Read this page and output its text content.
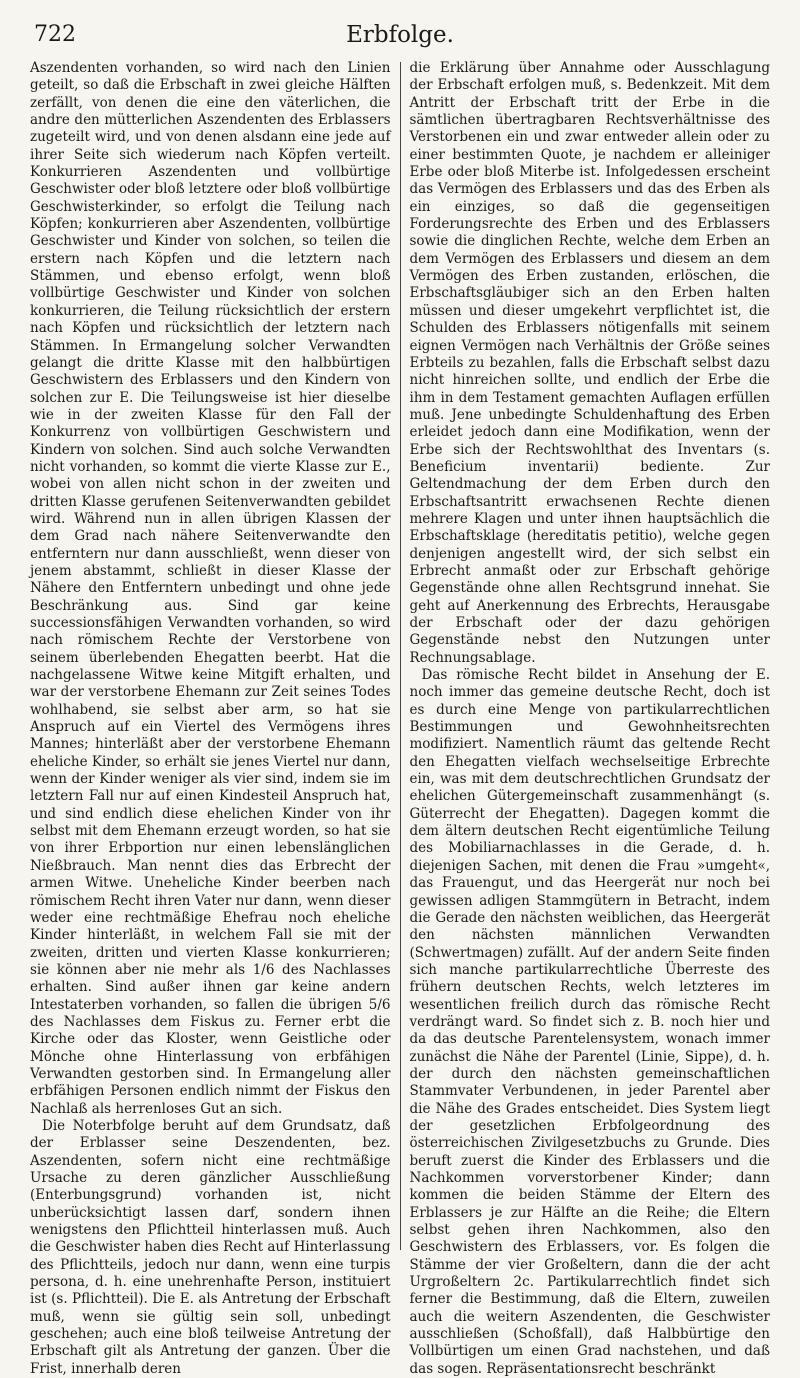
722	Erbfolge.

Aszendenten vorhanden, so wird nach den Linien geteilt, so daß die Erbschaft in zwei gleiche Hälften zerfällt, von denen die eine den väterlichen, die andre den mütterlichen Aszendenten des Erblassers zugeteilt wird, und von denen alsdann eine jede auf ihrer Seite sich wiederum nach Köpfen verteilt. Konkurrieren Aszendenten und vollbürtige Geschwister oder bloß letztere oder bloß vollbürtige Geschwisterkinder, so erfolgt die Teilung nach Köpfen; konkurrieren aber Aszendenten, vollbürtige Geschwister und Kinder von solchen, so teilen die erstern nach Köpfen und die letztern nach Stämmen, und ebenso erfolgt, wenn bloß vollbürtige Geschwister und Kinder von solchen konkurrieren, die Teilung rücksichtlich der erstern nach Köpfen und rücksichtlich der letztern nach Stämmen. In Ermangelung solcher Verwandten gelangt die dritte Klasse mit den halbbürtigen Geschwistern des Erblassers und den Kindern von solchen zur E. Die Teilungsweise ist hier dieselbe wie in der zweiten Klasse für den Fall der Konkurrenz von vollbürtigen Geschwistern und Kindern von solchen. Sind auch solche Verwandten nicht vorhanden, so kommt die vierte Klasse zur E., wobei von allen nicht schon in der zweiten und dritten Klasse gerufenen Seitenverwandten gebildet wird. Während nun in allen übrigen Klassen der dem Grad nach nähere Seitenverwandte den entferntern nur dann ausschließt, wenn dieser von jenem abstammt, schließt in dieser Klasse der Nähere den Entferntern unbedingt und ohne jede Beschränkung aus. Sind gar keine successionsfähigen Verwandten vorhanden, so wird nach römischem Rechte der Verstorbene von seinem überlebenden Ehegatten beerbt. Hat die nachgelassene Witwe keine Mitgift erhalten, und war der verstorbene Ehemann zur Zeit seines Todes wohlhabend, sie selbst aber arm, so hat sie Anspruch auf ein Viertel des Vermögens ihres Mannes; hinterläßt aber der verstorbene Ehemann eheliche Kinder, so erhält sie jenes Viertel nur dann, wenn der Kinder weniger als vier sind, indem sie im letztern Fall nur auf einen Kindesteil Anspruch hat, und sind endlich diese ehelichen Kinder von ihr selbst mit dem Ehemann erzeugt worden, so hat sie von ihrer Erbportion nur einen lebenslänglichen Nießbrauch. Man nennt dies das Erbrecht der armen Witwe. Uneheliche Kinder beerben nach römischem Recht ihren Vater nur dann, wenn dieser weder eine rechtmäßige Ehefrau noch eheliche Kinder hinterläßt, in welchem Fall sie mit der zweiten, dritten und vierten Klasse konkurrieren; sie können aber nie mehr als 1/6 des Nachlasses erhalten. Sind außer ihnen gar keine andern Intestaterben vorhanden, so fallen die übrigen 5/6 des Nachlasses dem Fiskus zu. Ferner erbt die Kirche oder das Kloster, wenn Geistliche oder Mönche ohne Hinterlassung von erbfähigen Verwandten gestorben sind. In Ermangelung aller erbfähigen Personen endlich nimmt der Fiskus den Nachlaß als herrenloses Gut an sich.

Die Noterbfolge beruht auf dem Grundsatz, daß der Erblasser seine Deszendenten, bez. Aszendenten, sofern nicht eine rechtmäßige Ursache zu deren gänzlicher Ausschließung (Enterbungsgrund) vorhanden ist, nicht unberücksichtigt lassen darf, sondern ihnen wenigstens den Pflichtteil hinterlassen muß. Auch die Geschwister haben dies Recht auf Hinterlassung des Pflichtteils, jedoch nur dann, wenn eine turpis persona, d. h. eine unehrenhafte Person, instituiert ist (s. Pflichtteil). Die E. als Antretung der Erbschaft muß, wenn sie gültig sein soll, unbedingt geschehen; auch eine bloß teilweise Antretung der Erbschaft gilt als Antretung der ganzen. Über die Frist, innerhalb deren

die Erklärung über Annahme oder Ausschlagung der Erbschaft erfolgen muß, s. Bedenkzeit. Mit dem Antritt der Erbschaft tritt der Erbe in die sämtlichen übertragbaren Rechtsverhältnisse des Verstorbenen ein und zwar entweder allein oder zu einer bestimmten Quote, je nachdem er alleiniger Erbe oder bloß Miterbe ist. Infolgedessen erscheint das Vermögen des Erblassers und das des Erben als ein einziges, so daß die gegenseitigen Forderungsrechte des Erben und des Erblassers sowie die dinglichen Rechte, welche dem Erben an dem Vermögen des Erblassers und diesem an dem Vermögen des Erben zustanden, erlöschen, die Erbschaftsgläubiger sich an den Erben halten müssen und dieser umgekehrt verpflichtet ist, die Schulden des Erblassers nötigenfalls mit seinem eignen Vermögen nach Verhältnis der Größe seines Erbteils zu bezahlen, falls die Erbschaft selbst dazu nicht hinreichen sollte, und endlich der Erbe die ihm in dem Testament gemachten Auflagen erfüllen muß. Jene unbedingte Schuldenhaftung des Erben erleidet jedoch dann eine Modifikation, wenn der Erbe sich der Rechtswohlthat des Inventars (s. Beneficium inventarii) bediente. Zur Geltendmachung der dem Erben durch den Erbschaftsantritt erwachsenen Rechte dienen mehrere Klagen und unter ihnen hauptsächlich die Erbschaftsklage (hereditatis petitio), welche gegen denjenigen angestellt wird, der sich selbst ein Erbrecht anmaßt oder zur Erbschaft gehörige Gegenstände ohne allen Rechtsgrund innehat. Sie geht auf Anerkennung des Erbrechts, Herausgabe der Erbschaft oder der dazu gehörigen Gegenstände nebst den Nutzungen unter Rechnungsablage.

Das römische Recht bildet in Ansehung der E. noch immer das gemeine deutsche Recht, doch ist es durch eine Menge von partikularrechtlichen Bestimmungen und Gewohnheitsrechten modifiziert. Namentlich räumt das geltende Recht den Ehegatten vielfach wechselseitige Erbrechte ein, was mit dem deutschrechtlichen Grundsatz der ehelichen Gütergemeinschaft zusammenhängt (s. Güterrecht der Ehegatten). Dagegen kommt die dem ältern deutschen Recht eigentümliche Teilung des Mobiliarnachlasses in die Gerade, d. h. diejenigen Sachen, mit denen die Frau »umgeht«, das Frauengut, und das Heergerät nur noch bei gewissen adligen Stammgütern in Betracht, indem die Gerade den nächsten weiblichen, das Heergerät den nächsten männlichen Verwandten (Schwertmagen) zufällt. Auf der andern Seite finden sich manche partikularrechtliche Überreste des frühern deutschen Rechts, welch letzteres im wesentlichen freilich durch das römische Recht verdrängt ward. So findet sich z. B. noch hier und da das deutsche Parentelensystem, wonach immer zunächst die Nähe der Parentel (Linie, Sippe), d. h. der durch den nächsten gemeinschaftlichen Stammvater Verbundenen, in jeder Parentel aber die Nähe des Grades entscheidet. Dies System liegt der gesetzlichen Erbfolgeordnung des österreichischen Zivilgesetzbuchs zu Grunde. Dies beruft zuerst die Kinder des Erblassers und die Nachkommen vorverstorbener Kinder; dann kommen die beiden Stämme der Eltern des Erblassers je zur Hälfte an die Reihe; die Eltern selbst gehen ihren Nachkommen, also den Geschwistern des Erblassers, vor. Es folgen die Stämme der vier Großeltern, dann die der acht Urgroßeltern 2c. Partikularrechtlich findet sich ferner die Bestimmung, daß die Eltern, zuweilen auch die weitern Aszendenten, die Geschwister ausschließen (Schoßfall), daß Halbbürtige den Vollbürtigen um einen Grad nachstehen, und daß das sogen. Repräsentationsrecht beschränkt
